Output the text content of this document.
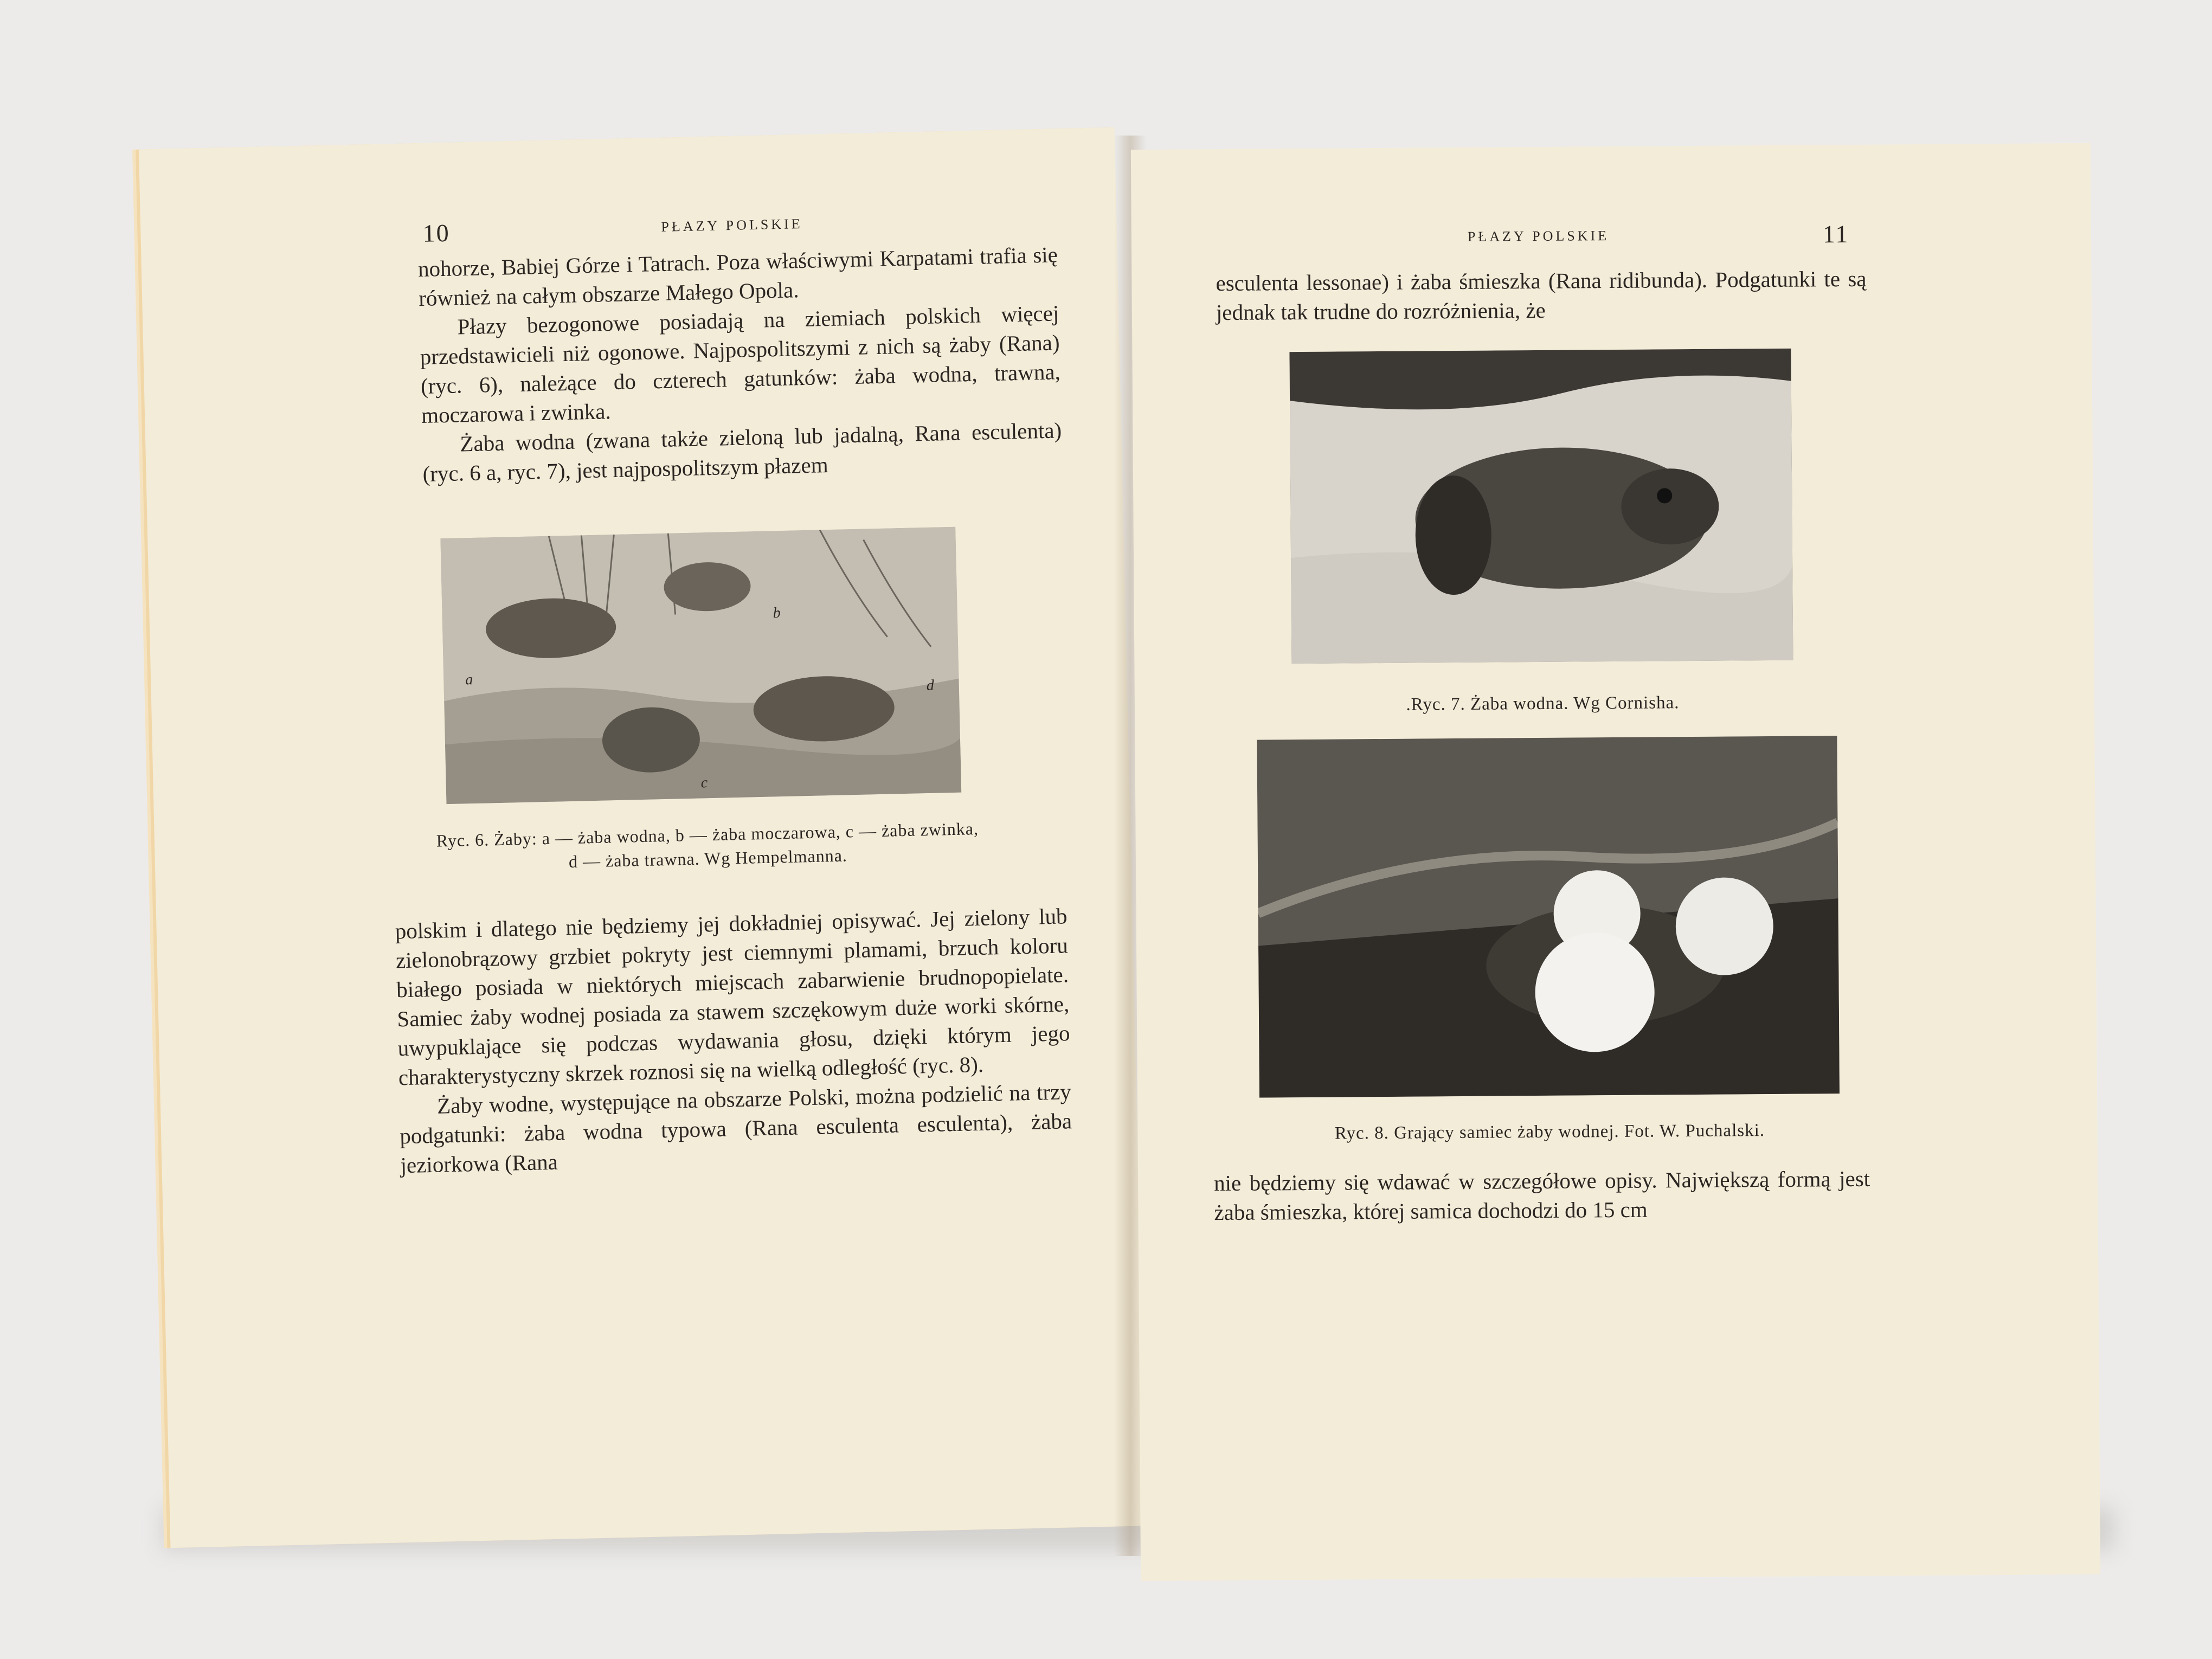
10	PŁAZY POLSKIE

nohorze, Babiej Górze i Tatrach. Poza właściwymi Karpatami trafia się również na całym obszarze Małego Opola.

Płazy bezogonowe posiadają na ziemiach polskich więcej przedstawicieli niż ogonowe. Najpospolitszymi z nich są żaby (Rana) (ryc. 6), należące do czterech gatunków: żaba wodna, trawna, moczarowa i zwinka.

Żaba wodna (zwana także zieloną lub jadalną, Rana esculenta) (ryc. 6 a, ryc. 7), jest najpospolitszym płazem

a
b
c
d
Ryc. 6. Żaby: a — żaba wodna, b — żaba moczarowa, c — żaba zwinka,
d — żaba trawna. Wg Hempelmanna.

polskim i dlatego nie będziemy jej dokładniej opisywać. Jej zielony lub zielonobrązowy grzbiet pokryty jest ciemnymi plamami, brzuch koloru białego posiada w niektórych miejscach zabarwienie brudnopopielate. Samiec żaby wodnej posiada za stawem szczękowym duże worki skórne, uwypuklające się podczas wydawania głosu, dzięki którym jego charakterystyczny skrzek roznosi się na wielką odległość (ryc. 8).

Żaby wodne, występujące na obszarze Polski, można podzielić na trzy podgatunki: żaba wodna typowa (Rana esculenta esculenta), żaba jeziorkowa (Rana

PŁAZY POLSKIE	11

esculenta lessonae) i żaba śmieszka (Rana ridibunda). Podgatunki te są jednak tak trudne do rozróżnienia, że

.Ryc. 7. Żaba wodna. Wg Cornisha.
Ryc. 8. Grający samiec żaby wodnej. Fot. W. Puchalski.

nie będziemy się wdawać w szczegółowe opisy. Największą formą jest żaba śmieszka, której samica dochodzi do 15 cm
